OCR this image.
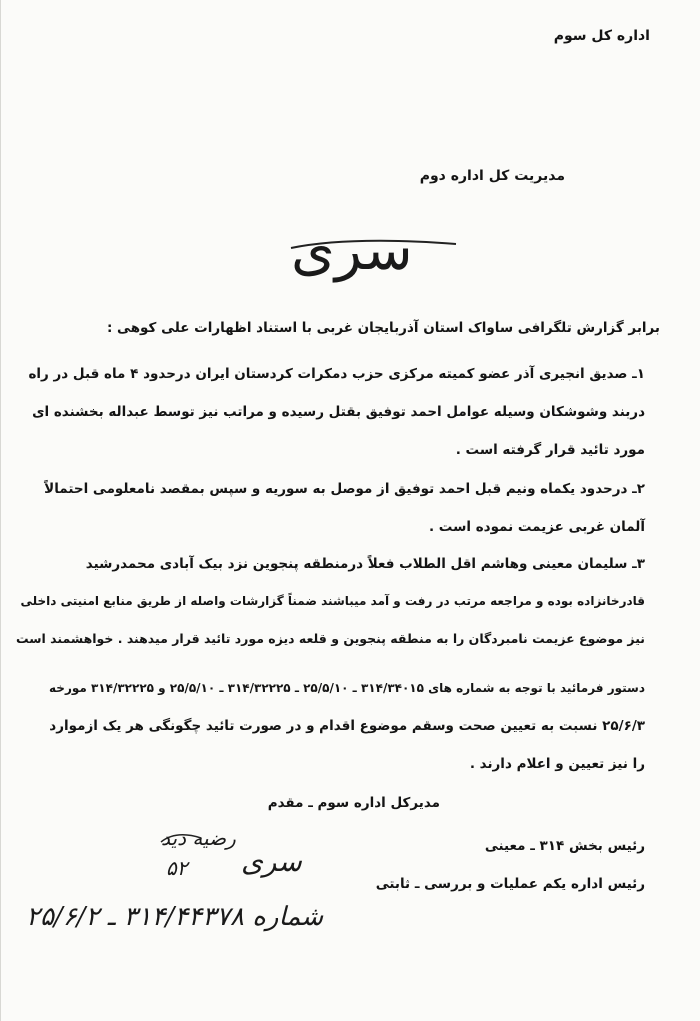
اداره کل سوم
مدیریت کل اداره دوم
سری
برابر گزارش تلگرافی ساواک استان آذربایجان غربی با استناد اظهارات علی کوهی :
۱ـ صدیق انجیری آذر عضو کمیته مرکزی حزب دمکرات کردستان ایران درحدود ۴ ماه قبل در راه
دربند وشوشکان وسیله عوامل احمد توفیق بقتل رسیده و مراتب نیز توسط عبداله بخشنده ای
مورد تائید قرار گرفته است .
۲ـ درحدود یکماه ونیم قبل احمد توفیق از موصل به سوریه و سپس بمقصد نامعلومی احتمالاً
آلمان غربی عزیمت نموده است .
۳ـ سلیمان معینی وهاشم اقل الطلاب فعلاً درمنطقه پنجوین نزد بیک آبادی محمدرشید
قادرخانزاده بوده و مراجعه مرتب در رفت و آمد میباشند ضمناً گزارشات واصله از طریق منابع امنیتی داخلی
نیز موضوع عزیمت نامبردگان را به منطقه پنجوین و قلعه دیزه مورد تائید قرار میدهند . خواهشمند است
دستور فرمائید با توجه به شماره های ۳۱۴/۳۴۰۱۵ ـ ۲۵/۵/۱۰ ـ ۳۱۴/۳۲۲۲۵ ـ ۲۵/۵/۱۰ و ۳۱۴/۳۲۲۲۵ مورخه
۲۵/۶/۳ نسبت به تعیین صحت وسقم موضوع اقدام و در صورت تائید چگونگی هر یک ازموارد
را نیز تعیین و اعلام دارند .
مدیرکل اداره سوم ـ مقدم
رئیس بخش ۳۱۴ ـ معینی
رئیس اداره یکم عملیات و بررسی ـ ثابتی
رضیه دید
۵۲ سری
شماره ۳۱۴/۴۴۳۷۸ ـ ۲۵/۶/۲
